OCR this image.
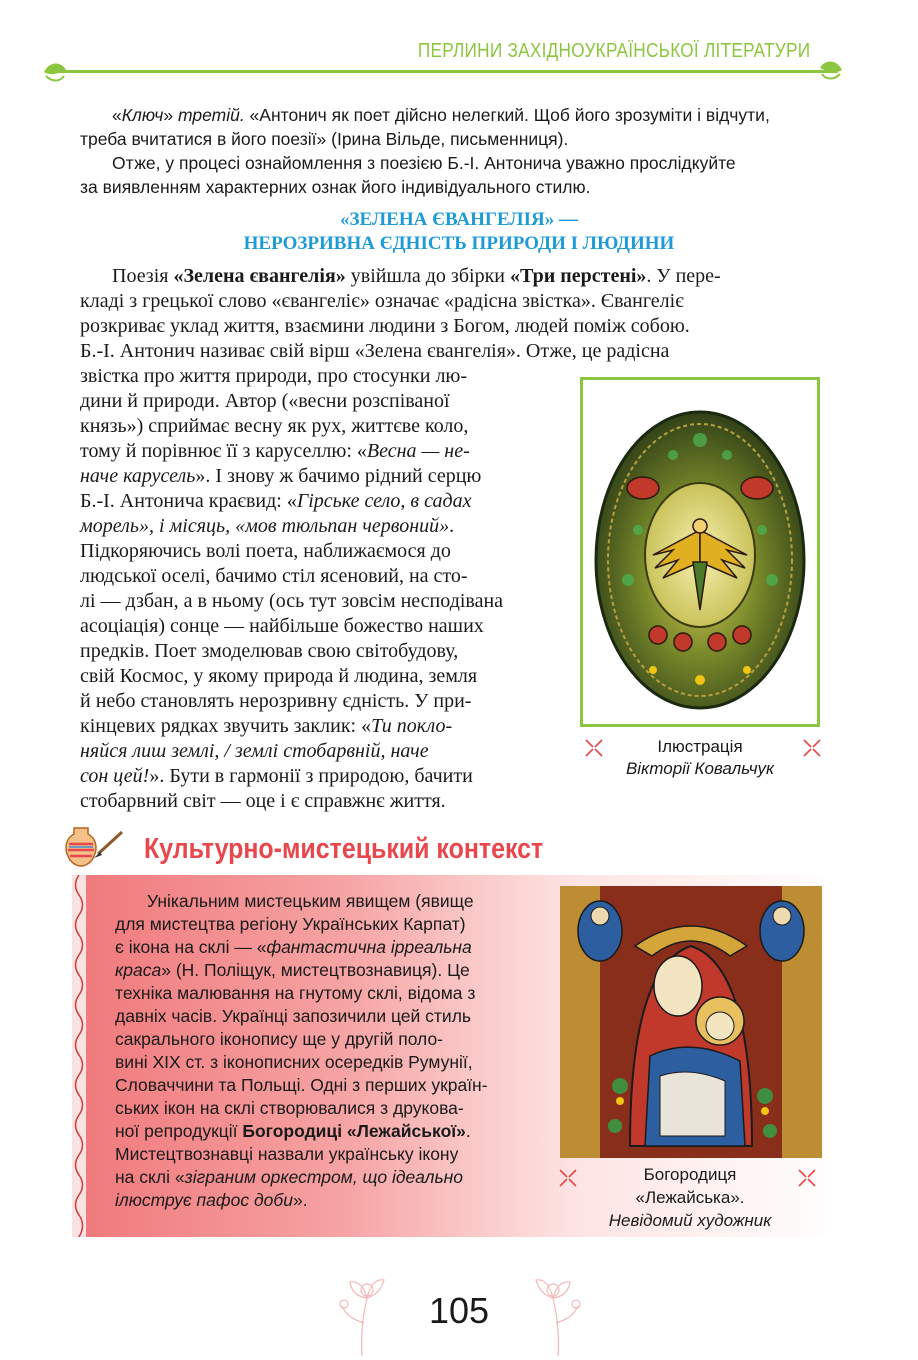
ПЕРЛИНИ ЗАХІДНОУКРАЇНСЬКОЇ ЛІТЕРАТУРИ
«Ключ» третій. «Антонич як поет дійсно нелегкий. Щоб його зрозуміти і відчути,
треба вчитатися в його поезії» (Ірина Вільде, письменниця).
Отже, у процесі ознайомлення з поезією Б.-І. Антонича уважно прослідкуйте
за виявленням характерних ознак його індивідуального стилю.
«ЗЕЛЕНА ЄВАНГЕЛІЯ» —
НЕРОЗРИВНА ЄДНІСТЬ ПРИРОДИ І ЛЮДИНИ
Поезія «Зелена євангелія» увійшла до збірки «Три перстені». У пере-
кладі з грецької слово «євангеліє» означає «радісна звістка». Євангеліє
розкриває уклад життя, взаємини людини з Богом, людей поміж собою.
Б.-І. Антонич називає свій вірш «Зелена євангелія». Отже, це радісна
звістка про життя природи, про стосунки лю-
дини й природи. Автор («весни розспіваної
князь») сприймає весну як рух, життєве коло,
тому й порівнює її з каруселлю: «Весна — не-
наче карусель». І знову ж бачимо рідний серцю
Б.-І. Антонича краєвид: «Гірське село, в садах
морель», і місяць, «мов тюльпан червоний».
Підкоряючись волі поета, наближаємося до
людської оселі, бачимо стіл ясеновий, на сто-
лі — дзбан, а в ньому (ось тут зовсім несподівана
асоціація) сонце — найбільше божество наших
предків. Поет змоделював свою світобудову,
свій Космос, у якому природа й людина, земля
й небо становлять нерозривну єдність. У при-
кінцевих рядках звучить заклик: «Ти покло-
няйся лиш землі, / землі стобарвній, наче
сон цей!». Бути в гармонії з природою, бачити
стобарвний світ — оце і є справжнє життя.
Ілюстрація
Вікторії Ковальчук
Культурно-мистецький контекст
Унікальним мистецьким явищем (явище
для мистецтва регіону Українських Карпат)
є ікона на склі — «фантастична ірреальна
краса» (Н. Поліщук, мистецтвознавиця). Це
техніка малювання на гнутому склі, відома з
давніх часів. Українці запозичили цей стиль
сакрального іконопису ще у другій поло-
вині XIX ст. з іконописних осередків Румунії,
Словаччини та Польщі. Одні з перших україн-
ських ікон на склі створювалися з друкова-
ної репродукції Богородиці «Лежайської».
Мистецтвознавці назвали українську ікону
на склі «зіграним оркестром, що ідеально
ілюструє пафос доби».
Богородиця
«Лежайська».
Невідомий художник
105
